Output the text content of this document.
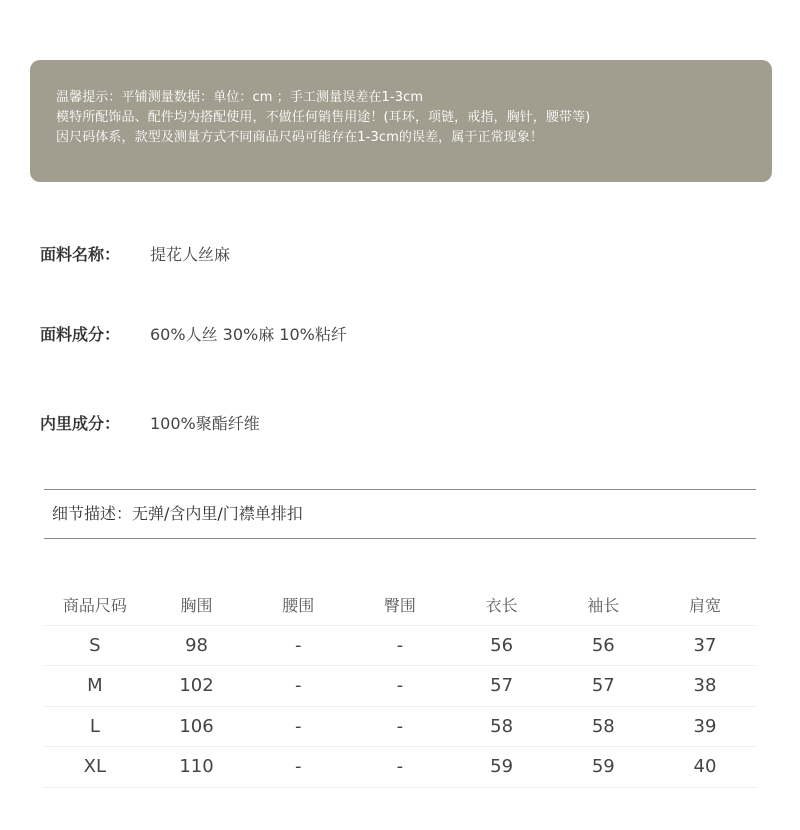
温馨提示：平铺测量数据：单位：cm ；手工测量误差在1-3cm
模特所配饰品、配件均为搭配使用，不做任何销售用途！(耳环，项链，戒指，胸针，腰带等)
因尺码体系，款型及测量方式不同商品尺码可能存在1-3cm的误差，属于正常现象！
面料名称： 提花人丝麻
面料成分： 60%人丝 30%麻 10%粘纤
内里成分： 100%聚酯纤维
细节描述：无弹/含内里/门襟单排扣
商品尺码	胸围	腰围	臀围	衣长	袖长	肩宽
S	98	-	-	56	56	37
M	102	-	-	57	57	38
L	106	-	-	58	58	39
XL	110	-	-	59	59	40
